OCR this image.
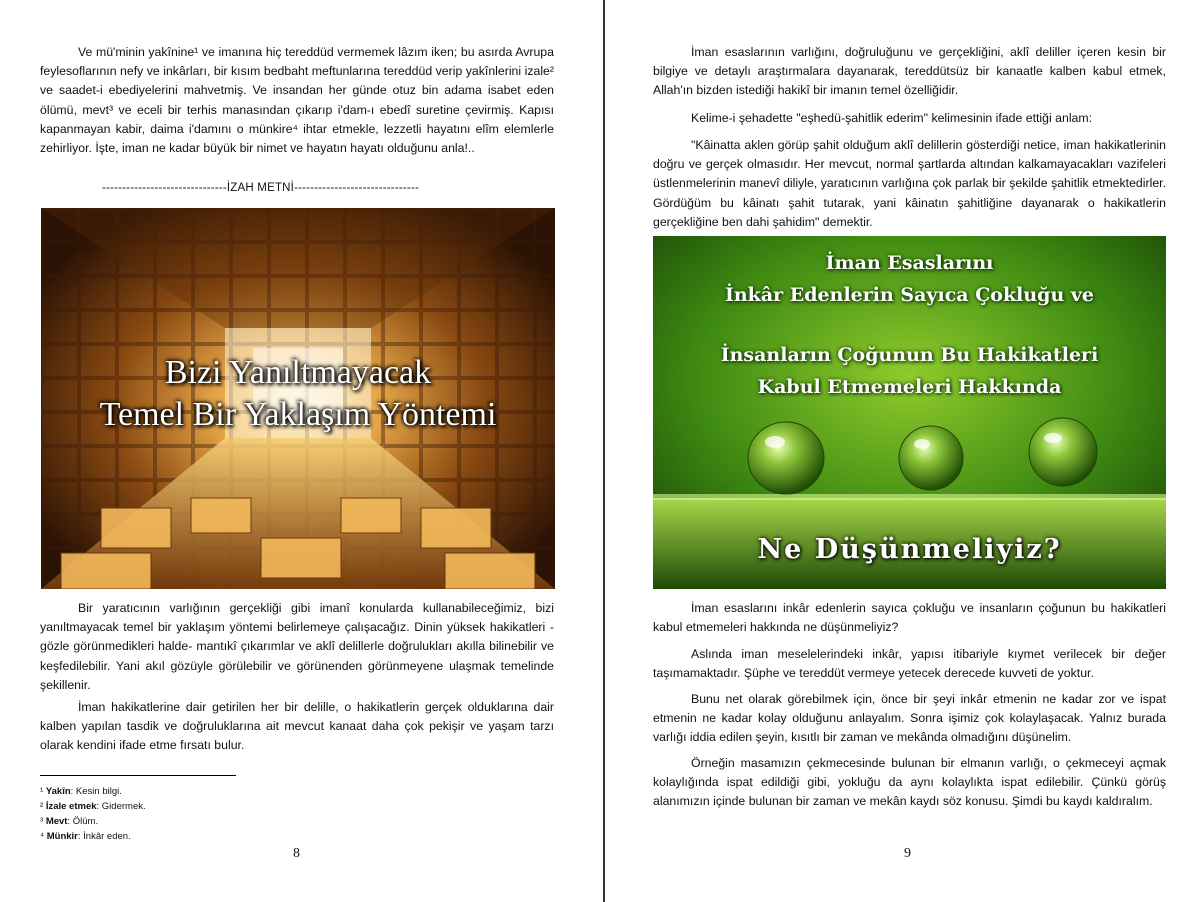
Ve mü'minin yakînine¹ ve imanına hiç tereddüd vermemek lâzım iken; bu asırda Avrupa feylesoflarının nefy ve inkârları, bir kısım bedbaht meftunlarına tereddüd verip yakînlerini izale² ve saadet-i ebediyelerini mahvetmiş. Ve insandan her günde otuz bin adama isabet eden ölümü, mevt³ ve eceli bir terhis manasından çıkarıp i'dam-ı ebedî suretine çevirmiş. Kapısı kapanmayan kabir, daima i'damını o münkire⁴ ihtar etmekle, lezzetli hayatını elîm elemlerle zehirliyor. İşte, iman ne kadar büyük bir nimet ve hayatın hayatı olduğunu anla!..

-------------------------------İZAH METNİ-------------------------------
Bizi Yanıltmayacak
Temel Bir Yaklaşım Yöntemi

Bir yaratıcının varlığının gerçekliği gibi imanî konularda kullanabileceğimiz, bizi yanıltmayacak temel bir yaklaşım yöntemi belirlemeye çalışacağız. Dinin yüksek hakikatleri -gözle görünmedikleri halde- mantıkî çıkarımlar ve aklî delillerle doğrulukları akılla bilinebilir ve keşfedilebilir. Yani akıl gözüyle görülebilir ve görünenden görünmeyene ulaşmak temelinde şekillenir.

İman hakikatlerine dair getirilen her bir delille, o hakikatlerin gerçek olduklarına dair kalben yapılan tasdik ve doğruluklarına ait mevcut kanaat daha çok pekişir ve yaşam tarzı olarak kendini ifade etme fırsatı bulur.

¹ Yakîn: Kesin bilgi.
² İzale etmek: Gidermek.
³ Mevt: Ölüm.
⁴ Münkir: İnkâr eden.
8

İman esaslarının varlığını, doğruluğunu ve gerçekliğini, aklî deliller içeren kesin bir bilgiye ve detaylı araştırmalara dayanarak, tereddütsüz bir kanaatle kalben kabul etmek, Allah'ın bizden istediği hakikî bir imanın temel özelliğidir.

Kelime-i şehadette "eşhedü-şahitlik ederim" kelimesinin ifade ettiği anlam:

"Kâinatta aklen görüp şahit olduğum aklî delillerin gösterdiği netice, iman hakikatlerinin doğru ve gerçek olmasıdır. Her mevcut, normal şartlarda altından kalkamayacakları vazifeleri üstlenmelerinin manevî diliyle, yaratıcının varlığına çok parlak bir şekilde şahitlik etmektedirler. Gördüğüm bu kâinatı şahit tutarak, yani kâinatın şahitliğine dayanarak o hakikatlerin gerçekliğine ben dahi şahidim" demektir.

İman Esaslarını
İnkâr Edenlerin Sayıca Çokluğu ve
İnsanların Çoğunun Bu Hakikatleri
Kabul Etmemeleri Hakkında
Ne Düşünmeliyiz?

İman esaslarını inkâr edenlerin sayıca çokluğu ve insanların çoğunun bu hakikatleri kabul etmemeleri hakkında ne düşünmeliyiz?

Aslında iman meselelerindeki inkâr, yapısı itibariyle kıymet verilecek bir değer taşımamaktadır. Şüphe ve tereddüt vermeye yetecek derecede kuvveti de yoktur.

Bunu net olarak görebilmek için, önce bir şeyi inkâr etmenin ne kadar zor ve ispat etmenin ne kadar kolay olduğunu anlayalım. Sonra işimiz çok kolaylaşacak. Yalnız burada varlığı iddia edilen şeyin, kısıtlı bir zaman ve mekânda olmadığını düşünelim.

Örneğin masamızın çekmecesinde bulunan bir elmanın varlığı, o çekmeceyi açmak kolaylığında ispat edildiği gibi, yokluğu da aynı kolaylıkta ispat edilebilir. Çünkü görüş alanımızın içinde bulunan bir zaman ve mekân kaydı söz konusu. Şimdi bu kaydı kaldıralım.

9
